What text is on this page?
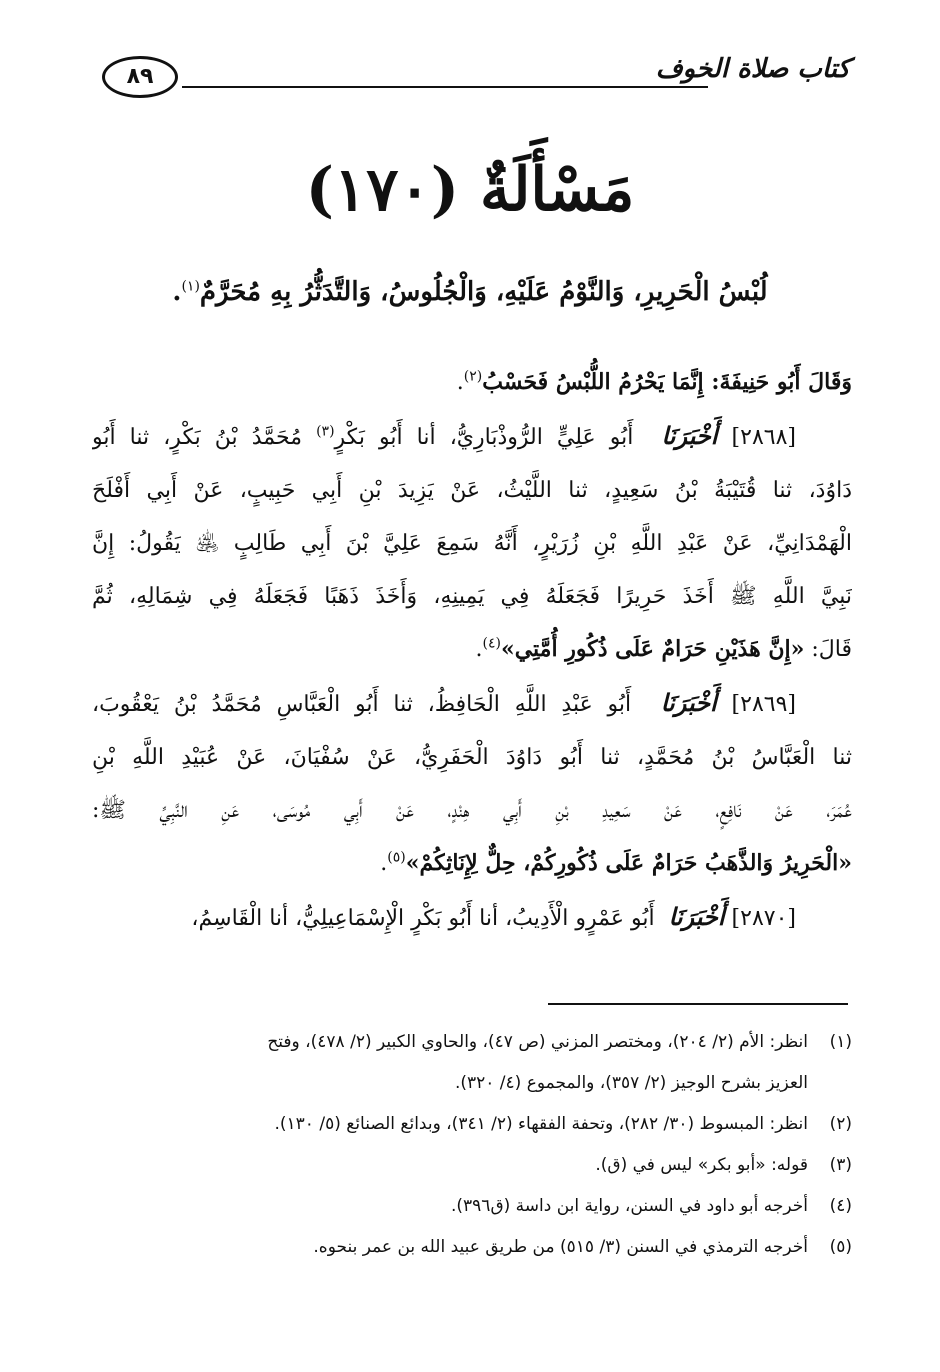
كتاب صلاة الخوف
٨٩
مَسْأَلَةٌ (١٧٠)
لُبْسُ الْحَرِيرِ، وَالنَّوْمُ عَلَيْهِ، وَالْجُلُوسُ، وَالتَّدَثُّرُ بِهِ مُحَرَّمٌ$^{(١)}$.
وَقَالَ أَبُو حَنِيفَةَ: إِنَّمَا يَحْرُمُ اللُّبْسُ فَحَسْبُ$^{(٢)}$.
[٢٨٦٨] أَخْبَرَنَا  أَبُو عَلِيٍّ الرُّوذْبَارِيُّ، أنا أَبُو بَكْرٍ$^{(٣)}$ مُحَمَّدُ بْنُ بَكْرٍ، ثنا أَبُو
دَاوُدَ، ثنا قُتَيْبَةُ بْنُ سَعِيدٍ، ثنا اللَّيْثُ، عَنْ يَزِيدَ بْنِ أَبِي حَبِيبٍ، عَنْ أَبِي أَفْلَحَ
الْهَمْدَانِيِّ، عَنْ عَبْدِ اللَّهِ بْنِ زُرَيْرٍ، أَنَّهُ سَمِعَ عَلِيَّ بْنَ أَبِي طَالِبٍ ﵁ يَقُولُ: إِنَّ
نَبِيَّ اللَّهِ ﷺ أَخَذَ حَرِيرًا فَجَعَلَهُ فِي يَمِينِهِ، وَأَخَذَ ذَهَبًا فَجَعَلَهُ فِي شِمَالِهِ، ثُمَّ
قَالَ: «إِنَّ هَذَيْنِ حَرَامٌ عَلَى ذُكُورِ أُمَّتِي»$^{(٤)}$.
[٢٨٦٩] أَخْبَرَنَا  أَبُو عَبْدِ اللَّهِ الْحَافِظُ، ثنا أَبُو الْعَبَّاسِ مُحَمَّدُ بْنُ يَعْقُوبَ،
ثنا الْعَبَّاسُ بْنُ مُحَمَّدٍ، ثنا أَبُو دَاوُدَ الْحَفَرِيُّ، عَنْ سُفْيَانَ، عَنْ عُبَيْدِ اللَّهِ بْنِ
عُمَرَ، عَنْ نَافِعٍ، عَنْ سَعِيدِ بْنِ أَبِي هِنْدٍ، عَنْ أَبِي مُوسَى، عَنِ النَّبِيِّ ﷺ:
«الْحَرِيرُ وَالذَّهَبُ حَرَامٌ عَلَى ذُكُورِكُمْ، حِلٌّ لِإِنَاثِكُمْ»$^{(٥)}$.
[٢٨٧٠] أَخْبَرَنَا  أَبُو عَمْرٍو الْأَدِيبُ، أنا أَبُو بَكْرٍ الْإِسْمَاعِيلِيُّ، أنا الْقَاسِمُ،
(١)
انظر: الأم (٢/ ٢٠٤)، ومختصر المزني (ص ٤٧)، والحاوي الكبير (٢/ ٤٧٨)، وفتح
العزيز بشرح الوجيز (٢/ ٣٥٧)، والمجموع (٤/ ٣٢٠).
(٢)
انظر: المبسوط (٣٠/ ٢٨٢)، وتحفة الفقهاء (٢/ ٣٤١)، وبدائع الصنائع (٥/ ١٣٠).
(٣)
قوله: «أبو بكر» ليس في (ق).
(٤)
أخرجه أبو داود في السنن، رواية ابن داسة (ق٣٩٦).
(٥)
أخرجه الترمذي في السنن (٣/ ٥١٥) من طريق عبيد الله بن عمر بنحوه.
